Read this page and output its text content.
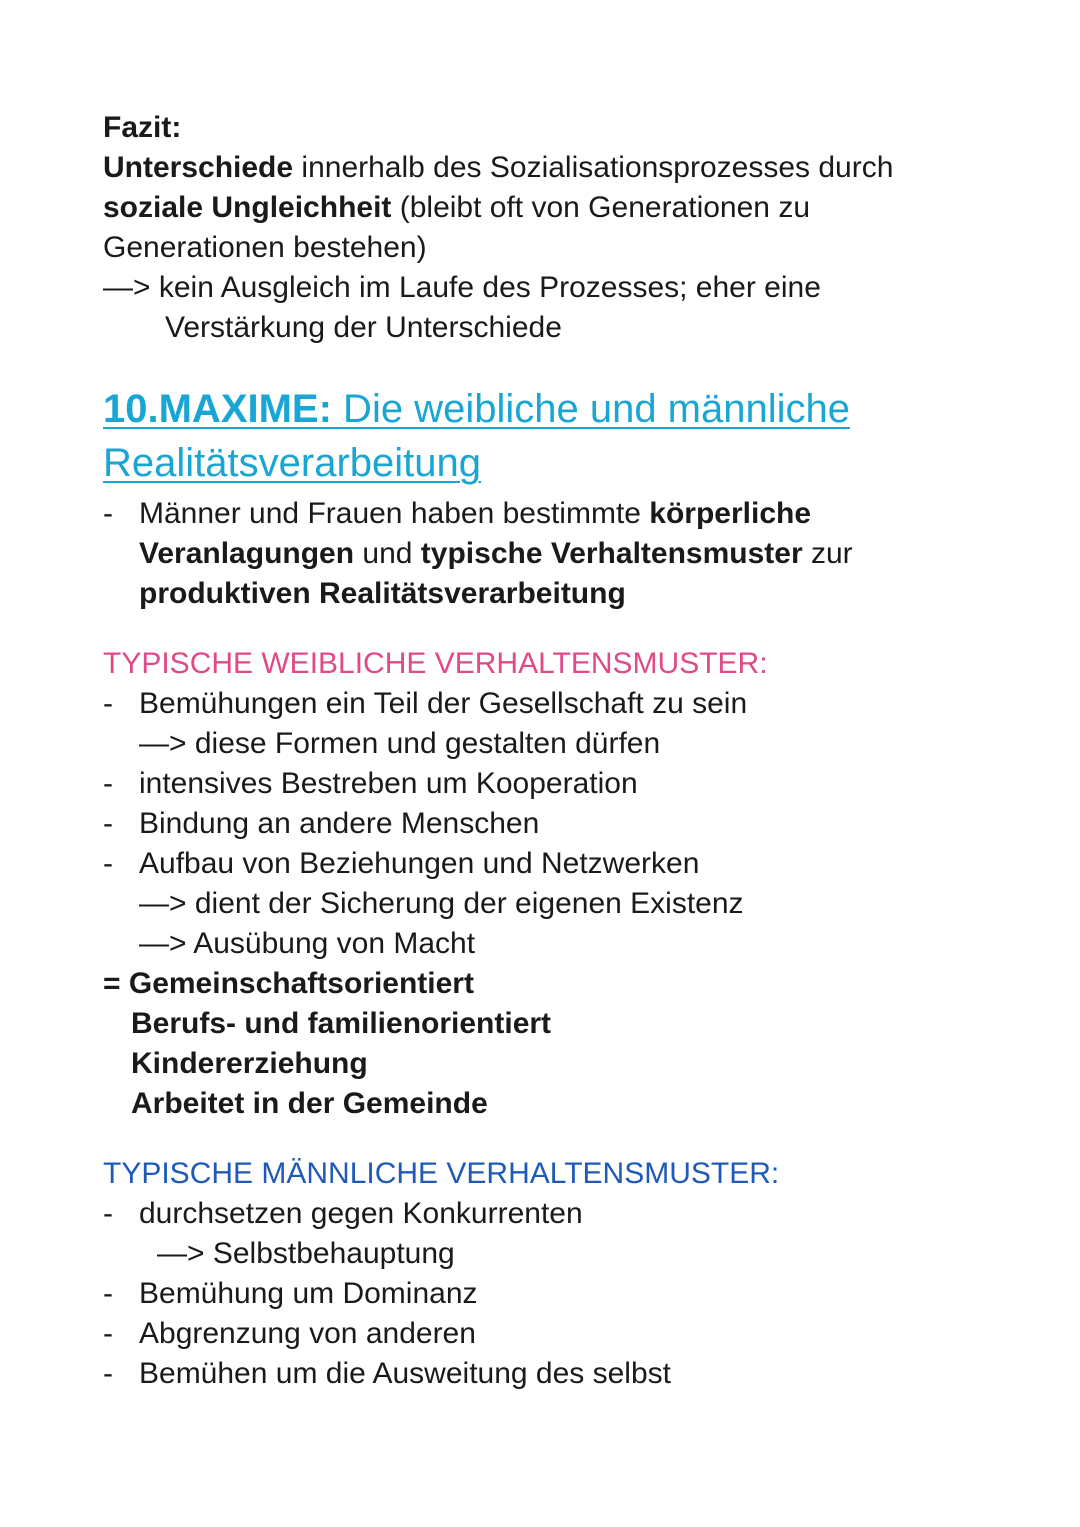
Fazit:
Unterschiede innerhalb des Sozialisationsprozesses durch
soziale Ungleichheit (bleibt oft von Generationen zu
Generationen bestehen)
—> kein Ausgleich im Laufe des Prozesses; eher eine
Verstärkung der Unterschiede
10.MAXIME: Die weibliche und männliche
Realitätsverarbeitung
- Männer und Frauen haben bestimmte körperliche
Veranlagungen und typische Verhaltensmuster zur
produktiven Realitätsverarbeitung
TYPISCHE WEIBLICHE VERHALTENSMUSTER:
- Bemühungen ein Teil der Gesellschaft zu sein
—> diese Formen und gestalten dürfen
- intensives Bestreben um Kooperation
- Bindung an andere Menschen
- Aufbau von Beziehungen und Netzwerken
—> dient der Sicherung der eigenen Existenz
—> Ausübung von Macht
= Gemeinschaftsorientiert
Berufs- und familienorientiert
Kindererziehung
Arbeitet in der Gemeinde
TYPISCHE MÄNNLICHE VERHALTENSMUSTER:
- durchsetzen gegen Konkurrenten
—> Selbstbehauptung
- Bemühung um Dominanz
- Abgrenzung von anderen
- Bemühen um die Ausweitung des selbst
